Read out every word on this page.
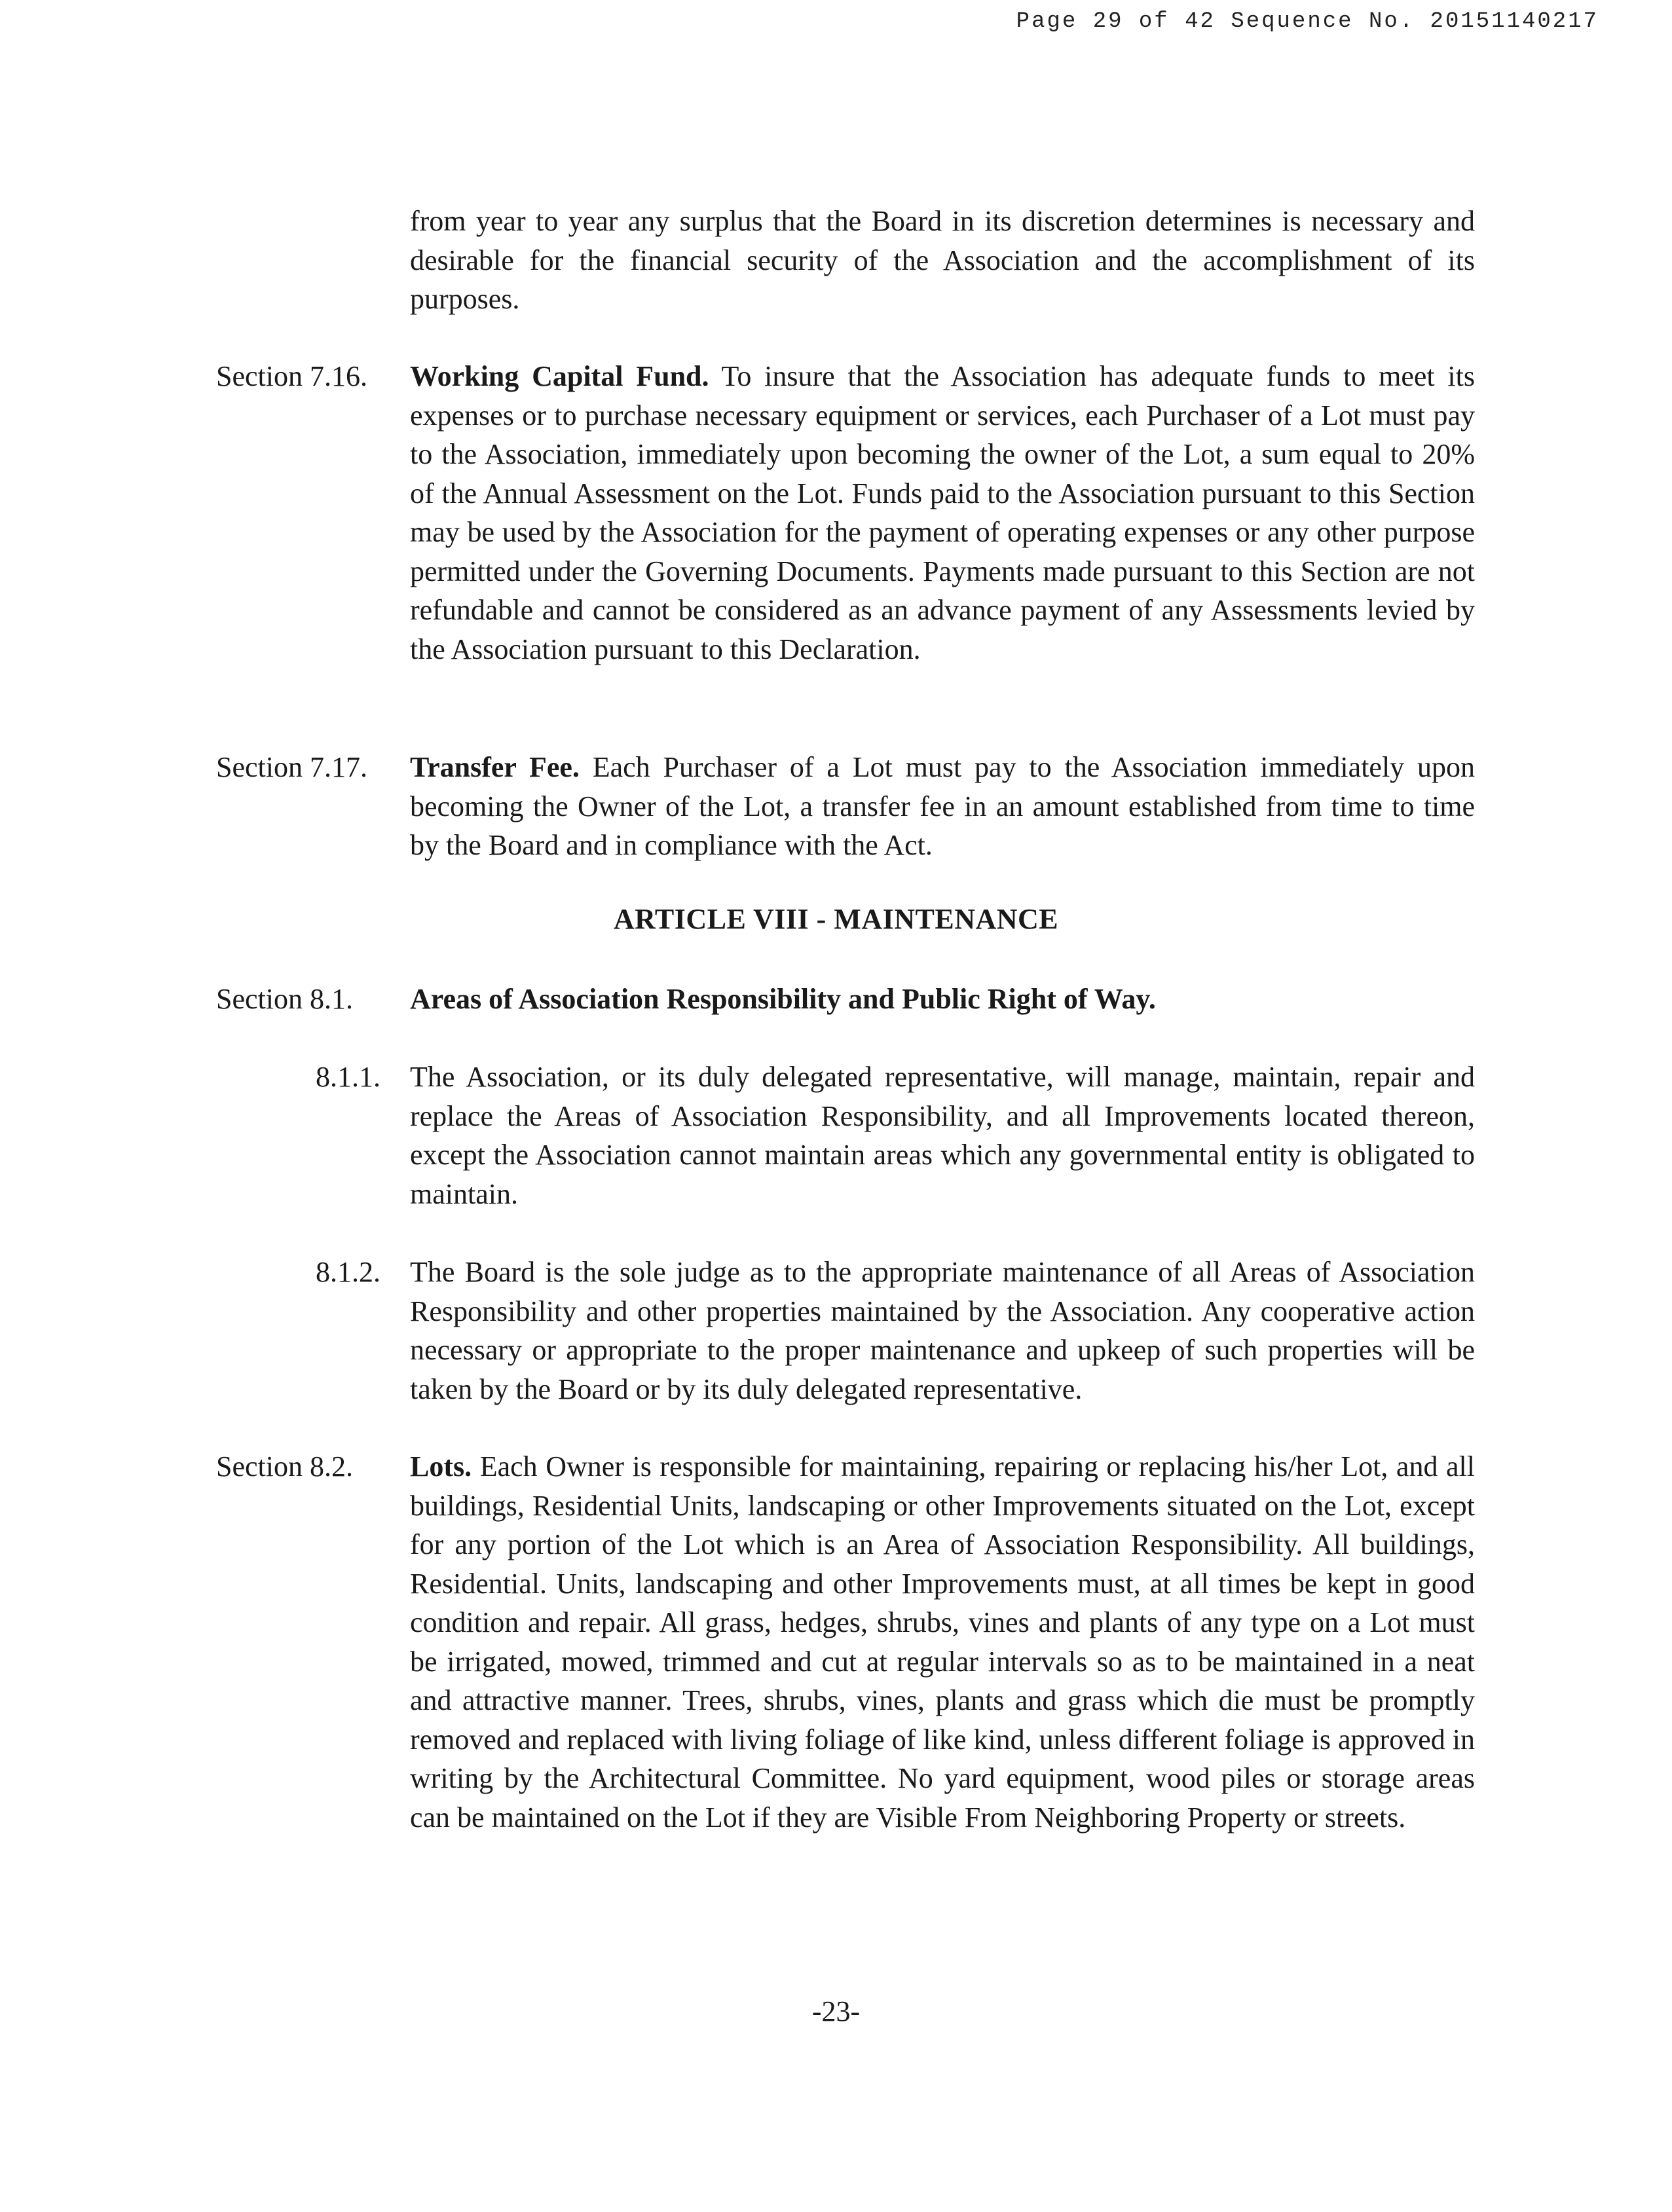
Page 29 of 42 Sequence No. 20151140217

from year to year any surplus that the Board in its discretion determines is necessary and desirable for the financial security of the Association and the accomplishment of its purposes.

Section 7.16. Working Capital Fund. To insure that the Association has adequate funds to meet its expenses or to purchase necessary equipment or services, each Purchaser of a Lot must pay to the Association, immediately upon becoming the owner of the Lot, a sum equal to 20% of the Annual Assessment on the Lot. Funds paid to the Association pursuant to this Section may be used by the Association for the payment of operating expenses or any other purpose permitted under the Governing Documents. Payments made pursuant to this Section are not refundable and cannot be considered as an advance payment of any Assessments levied by the Association pursuant to this Declaration.

Section 7.17. Transfer Fee. Each Purchaser of a Lot must pay to the Association immediately upon becoming the Owner of the Lot, a transfer fee in an amount established from time to time by the Board and in compliance with the Act.

ARTICLE VIII - MAINTENANCE
Section 8.1. Areas of Association Responsibility and Public Right of Way.

8.1.1. The Association, or its duly delegated representative, will manage, maintain, repair and replace the Areas of Association Responsibility, and all Improvements located thereon, except the Association cannot maintain areas which any governmental entity is obligated to maintain.

8.1.2. The Board is the sole judge as to the appropriate maintenance of all Areas of Association Responsibility and other properties maintained by the Association. Any cooperative action necessary or appropriate to the proper maintenance and upkeep of such properties will be taken by the Board or by its duly delegated representative.

Section 8.2. Lots. Each Owner is responsible for maintaining, repairing or replacing his/her Lot, and all buildings, Residential Units, landscaping or other Improvements situated on the Lot, except for any portion of the Lot which is an Area of Association Responsibility. All buildings, Residential. Units, landscaping and other Improvements must, at all times be kept in good condition and repair. All grass, hedges, shrubs, vines and plants of any type on a Lot must be irrigated, mowed, trimmed and cut at regular intervals so as to be maintained in a neat and attractive manner. Trees, shrubs, vines, plants and grass which die must be promptly removed and replaced with living foliage of like kind, unless different foliage is approved in writing by the Architectural Committee. No yard equipment, wood piles or storage areas can be maintained on the Lot if they are Visible From Neighboring Property or streets.

-23-
